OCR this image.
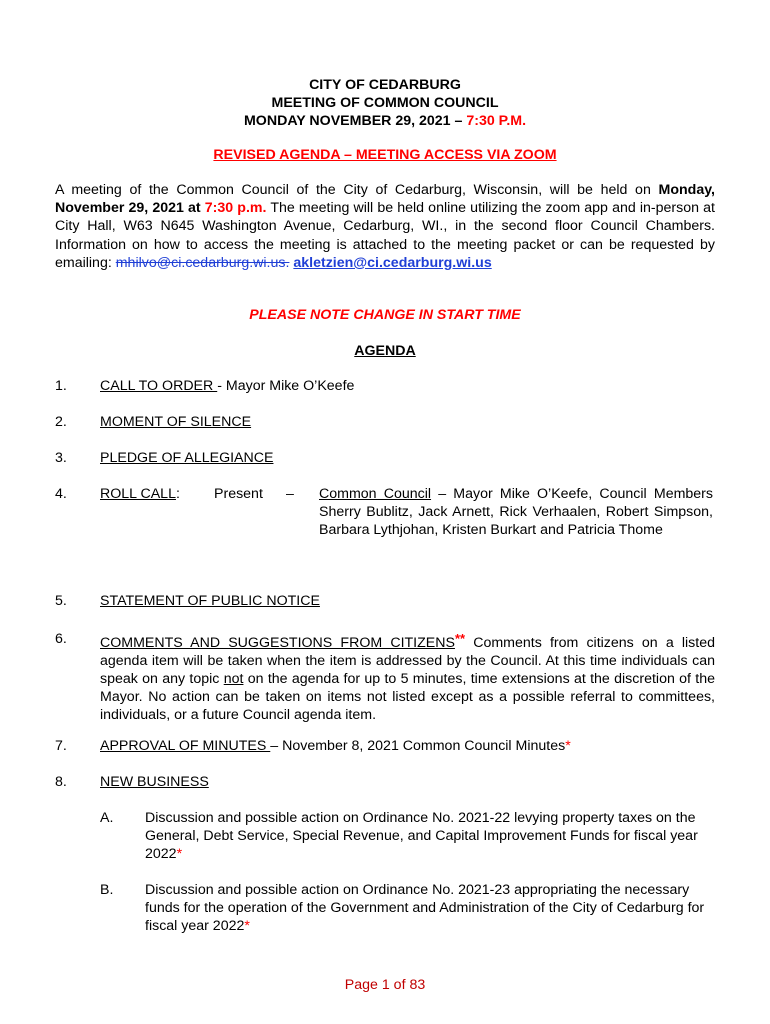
CITY OF CEDARBURG
MEETING OF COMMON COUNCIL
MONDAY NOVEMBER 29, 2021 – 7:30 P.M.
REVISED AGENDA – MEETING ACCESS VIA ZOOM
A meeting of the Common Council of the City of Cedarburg, Wisconsin, will be held on Monday, November 29, 2021 at 7:30 p.m. The meeting will be held online utilizing the zoom app and in-person at City Hall, W63 N645 Washington Avenue, Cedarburg, WI., in the second floor Council Chambers. Information on how to access the meeting is attached to the meeting packet or can be requested by emailing: mhilvo@ci.cedarburg.wi.us. akletzien@ci.cedarburg.wi.us
PLEASE NOTE CHANGE IN START TIME
AGENDA
1. CALL TO ORDER - Mayor Mike O’Keefe
2. MOMENT OF SILENCE
3. PLEDGE OF ALLEGIANCE
4. ROLL CALL: Present – Common Council – Mayor Mike O’Keefe, Council Members Sherry Bublitz, Jack Arnett, Rick Verhaalen, Robert Simpson, Barbara Lythjohan, Kristen Burkart and Patricia Thome
5. STATEMENT OF PUBLIC NOTICE
6. COMMENTS AND SUGGESTIONS FROM CITIZENS** Comments from citizens on a listed agenda item will be taken when the item is addressed by the Council. At this time individuals can speak on any topic not on the agenda for up to 5 minutes, time extensions at the discretion of the Mayor. No action can be taken on items not listed except as a possible referral to committees, individuals, or a future Council agenda item.
7. APPROVAL OF MINUTES – November 8, 2021 Common Council Minutes*
8. NEW BUSINESS
A. Discussion and possible action on Ordinance No. 2021-22 levying property taxes on the General, Debt Service, Special Revenue, and Capital Improvement Funds for fiscal year 2022*
B. Discussion and possible action on Ordinance No. 2021-23 appropriating the necessary funds for the operation of the Government and Administration of the City of Cedarburg for fiscal year 2022*
Page 1 of 83
